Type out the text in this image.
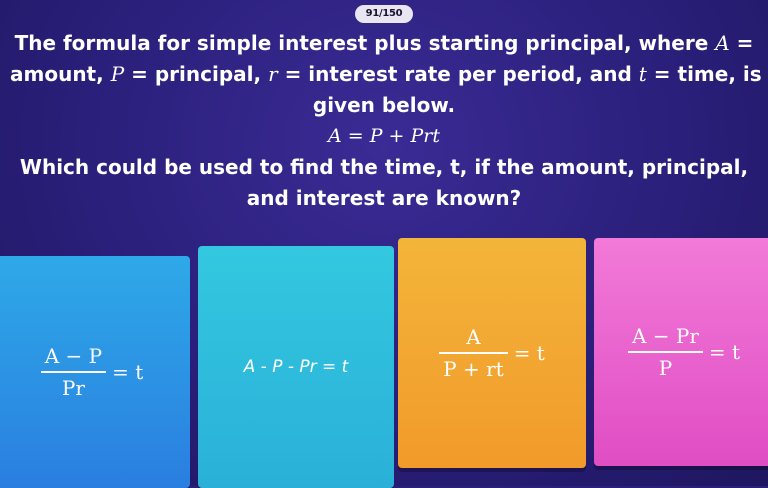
91/150
The formula for simple interest plus starting principal, where A =
amount, P = principal, r = interest rate per period, and t = time, is
given below.
A = P + Prt
Which could be used to find the time, t, if the amount, principal,
and interest are known?
$\frac{A - P}{Pr} = t$	A - P - Pr = t	$\frac{A}{P + rt} = t$	$\frac{A - Pr}{P} = t$
